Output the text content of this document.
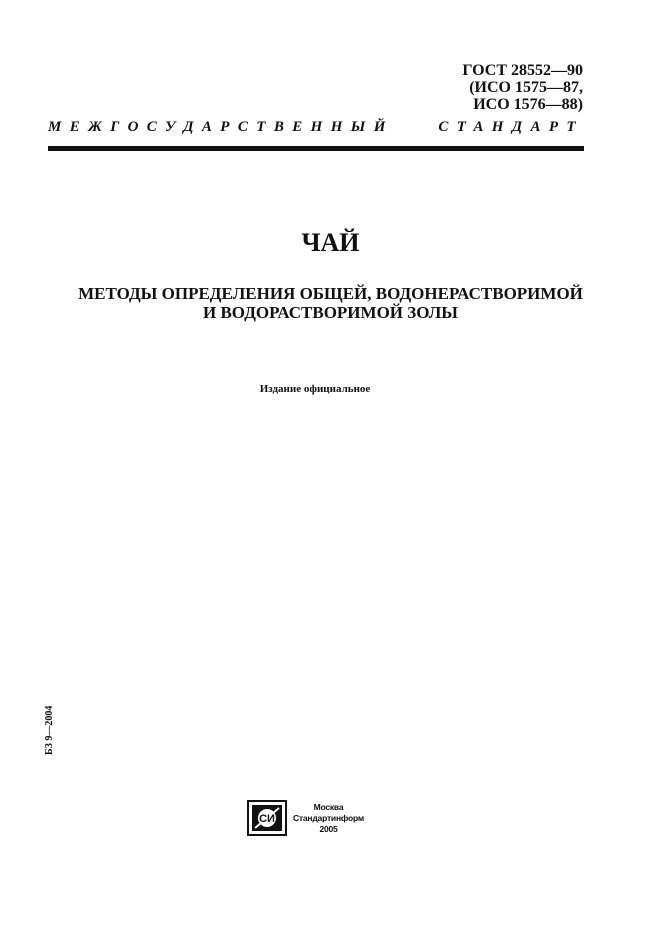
ГОСТ 28552—90
(ИСО 1575—87,
ИСО 1576—88)
МЕЖГОСУДАРСТВЕННЫЙ	СТАНДАРТ
ЧАЙ
МЕТОДЫ ОПРЕДЕЛЕНИЯ ОБЩЕЙ, ВОДОНЕРАСТВОРИМОЙ
И ВОДОРАСТВОРИМОЙ ЗОЛЫ
Издание официальное
БЗ 9—2004
СИ
Москва
Стандартинформ
2005
